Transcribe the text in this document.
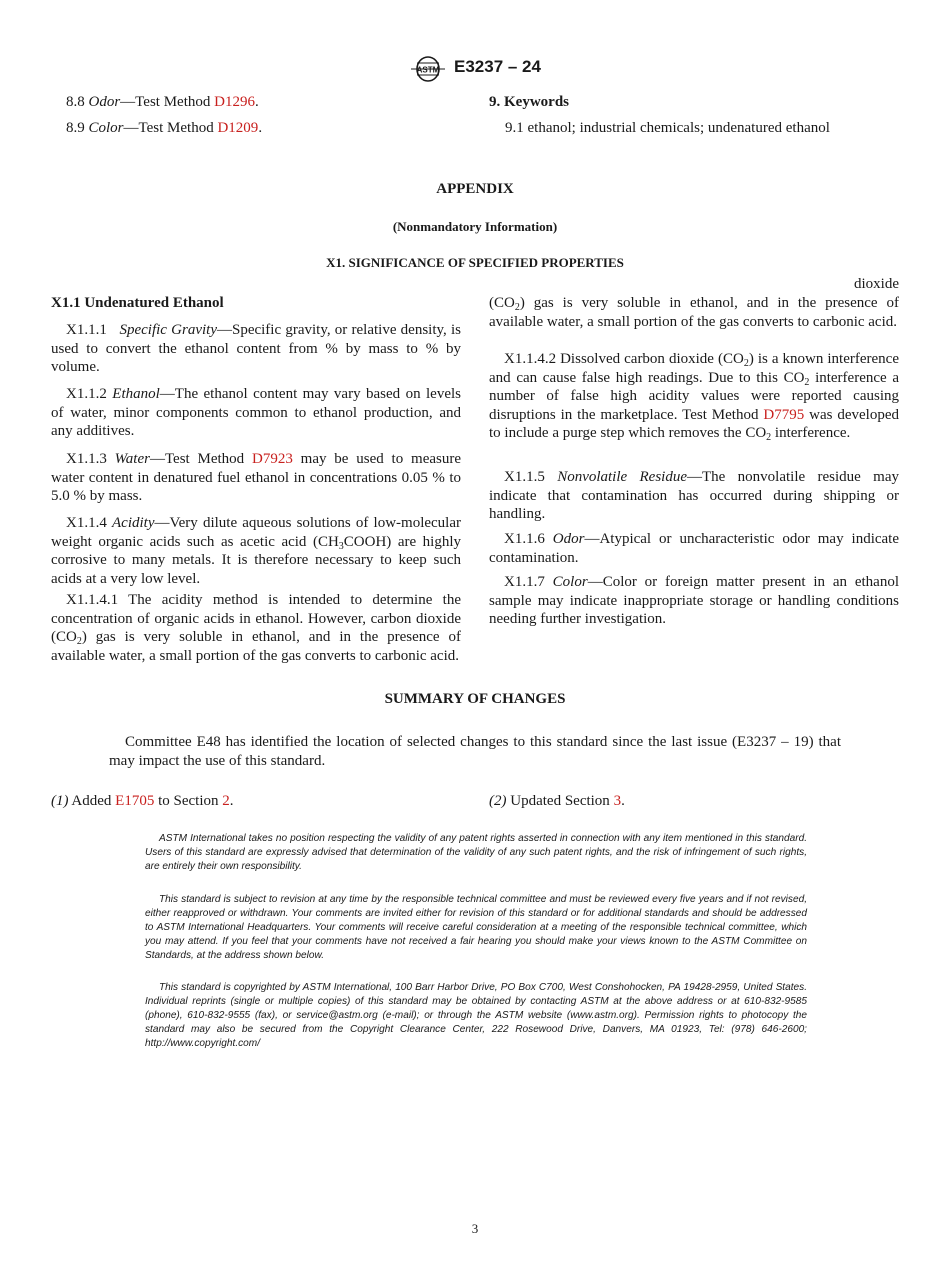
ASTM E3237 – 24

8.8 Odor—Test Method D1296.

8.9 Color—Test Method D1209.

9. Keywords

9.1 ethanol; industrial chemicals; undenatured ethanol

APPENDIX
(Nonmandatory Information)
X1. SIGNIFICANCE OF SPECIFIED PROPERTIES

X1.1 Undenatured Ethanol

X1.1.1 Specific Gravity—Specific gravity, or relative density, is used to convert the ethanol content from % by mass to % by volume.

X1.1.2 Ethanol—The ethanol content may vary based on levels of water, minor components common to ethanol production, and any additives.

X1.1.3 Water—Test Method D7923 may be used to measure water content in denatured fuel ethanol in concentrations 0.05 % to 5.0 % by mass.

X1.1.4 Acidity—Very dilute aqueous solutions of low-molecular weight organic acids such as acetic acid $(CH_3COOH)$ are highly corrosive to many metals. It is therefore necessary to keep such acids at a very low level.

X1.1.4.1 The acidity method is intended to determine the concentration of organic acids in ethanol. However, carbon dioxide $(CO_2)$ gas is very soluble in ethanol, and in the presence of available water, a small portion of the gas converts to carbonic acid.

dioxide $(CO_2)$ gas is very soluble in ethanol, and in the presence of available water, a small portion of the gas converts to carbonic acid.

X1.1.4.2 Dissolved carbon dioxide $(CO_2)$ is a known interference and can cause false high readings. Due to this $CO_2$ interference a number of false high acidity values were reported causing disruptions in the marketplace. Test Method D7795 was developed to include a purge step which removes the $CO_2$ interference.

X1.1.5 Nonvolatile Residue—The nonvolatile residue may indicate that contamination has occurred during shipping or handling.

X1.1.6 Odor—Atypical or uncharacteristic odor may indicate contamination.

X1.1.7 Color—Color or foreign matter present in an ethanol sample may indicate inappropriate storage or handling conditions needing further investigation.

SUMMARY OF CHANGES

Committee E48 has identified the location of selected changes to this standard since the last issue (E3237 – 19) that may impact the use of this standard.

(1) Added E1705 to Section 2.	(2) Updated Section 3.

ASTM International takes no position respecting the validity of any patent rights asserted in connection with any item mentioned in this standard. Users of this standard are expressly advised that determination of the validity of any such patent rights, and the risk of infringement of such rights, are entirely their own responsibility.

This standard is subject to revision at any time by the responsible technical committee and must be reviewed every five years and if not revised, either reapproved or withdrawn. Your comments are invited either for revision of this standard or for additional standards and should be addressed to ASTM International Headquarters. Your comments will receive careful consideration at a meeting of the responsible technical committee, which you may attend. If you feel that your comments have not received a fair hearing you should make your views known to the ASTM Committee on Standards, at the address shown below.

This standard is copyrighted by ASTM International, 100 Barr Harbor Drive, PO Box C700, West Conshohocken, PA 19428-2959, United States. Individual reprints (single or multiple copies) of this standard may be obtained by contacting ASTM at the above address or at 610-832-9585 (phone), 610-832-9555 (fax), or service@astm.org (e-mail); or through the ASTM website (www.astm.org). Permission rights to photocopy the standard may also be secured from the Copyright Clearance Center, 222 Rosewood Drive, Danvers, MA 01923, Tel: (978) 646-2600; http://www.copyright.com/

3
